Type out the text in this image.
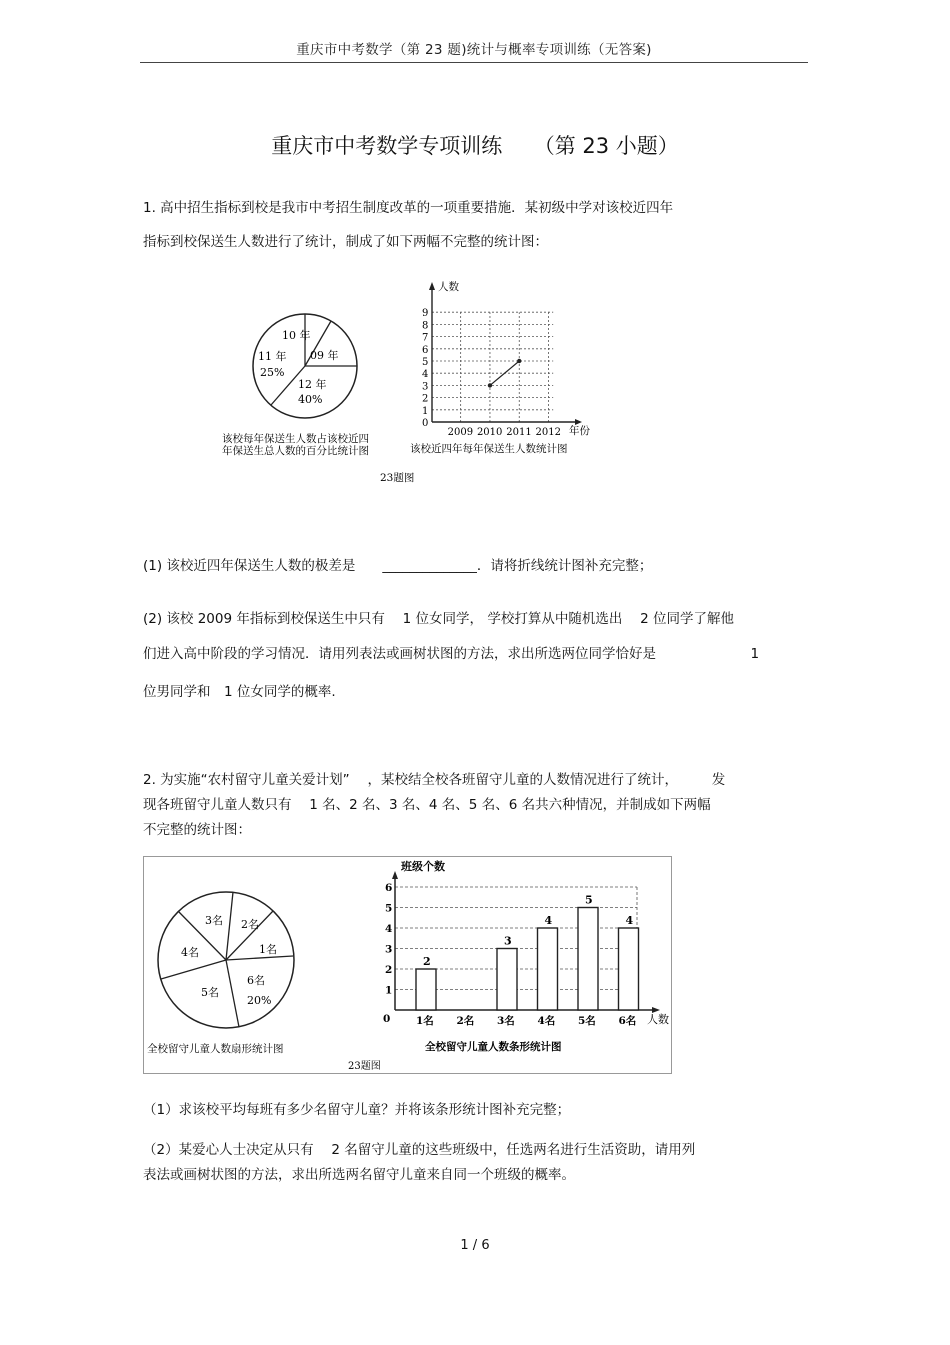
重庆市中考数学（第 23 题)统计与概率专项训练（无答案)
重庆市中考数学专项训练　　（第 23 小题）
1. 高中招生指标到校是我市中考招生制度改革的一项重要措施．某初级中学对该校近四年
指标到校保送生人数进行了统计，制成了如下两幅不完整的统计图：
10 年
09 年
11 年
25%
12 年
40%
该校每年保送生人数占该校近四
年保送生总人数的百分比统计图
人数
年份
该校近四年每年保送生人数统计图
0
1
2
3
4
5
6
7
8
9
2009 2010 2011 2012
23题图
(1) 该校近四年保送生人数的极差是　　______________．请将折线统计图补充完整；
(2) 该校 2009 年指标到校保送生中只有　 1 位女同学， 学校打算从中随机选出　 2 位同学了解他
们进入高中阶段的学习情况．请用列表法或画树状图的方法，求出所选两位同学恰好是　　　　　　　1
位男同学和　1 位女同学的概率.
2. 为实施“农村留守儿童关爱计划”　 ，某校结全校各班留守儿童的人数情况进行了统计，　　　发
现各班留守儿童人数只有　 1 名、2 名、3 名、4 名、5 名、6 名共六种情况，并制成如下两幅
不完整的统计图：
3名 2名
1名
4名
6名
20%
5名
全校留守儿童人数扇形统计图
班级个数
人数
全校留守儿童人数条形统计图
0
1
2
3
4
5
6
1名
2
2名 3名
3
4名
4
5名
5
6名
4
23题图
（1）求该校平均每班有多少名留守儿童？并将该条形统计图补充完整；
（2）某爱心人士决定从只有　 2 名留守儿童的这些班级中，任选两名进行生活资助，请用列
表法或画树状图的方法，求出所选两名留守儿童来自同一个班级的概率。
1 / 6
